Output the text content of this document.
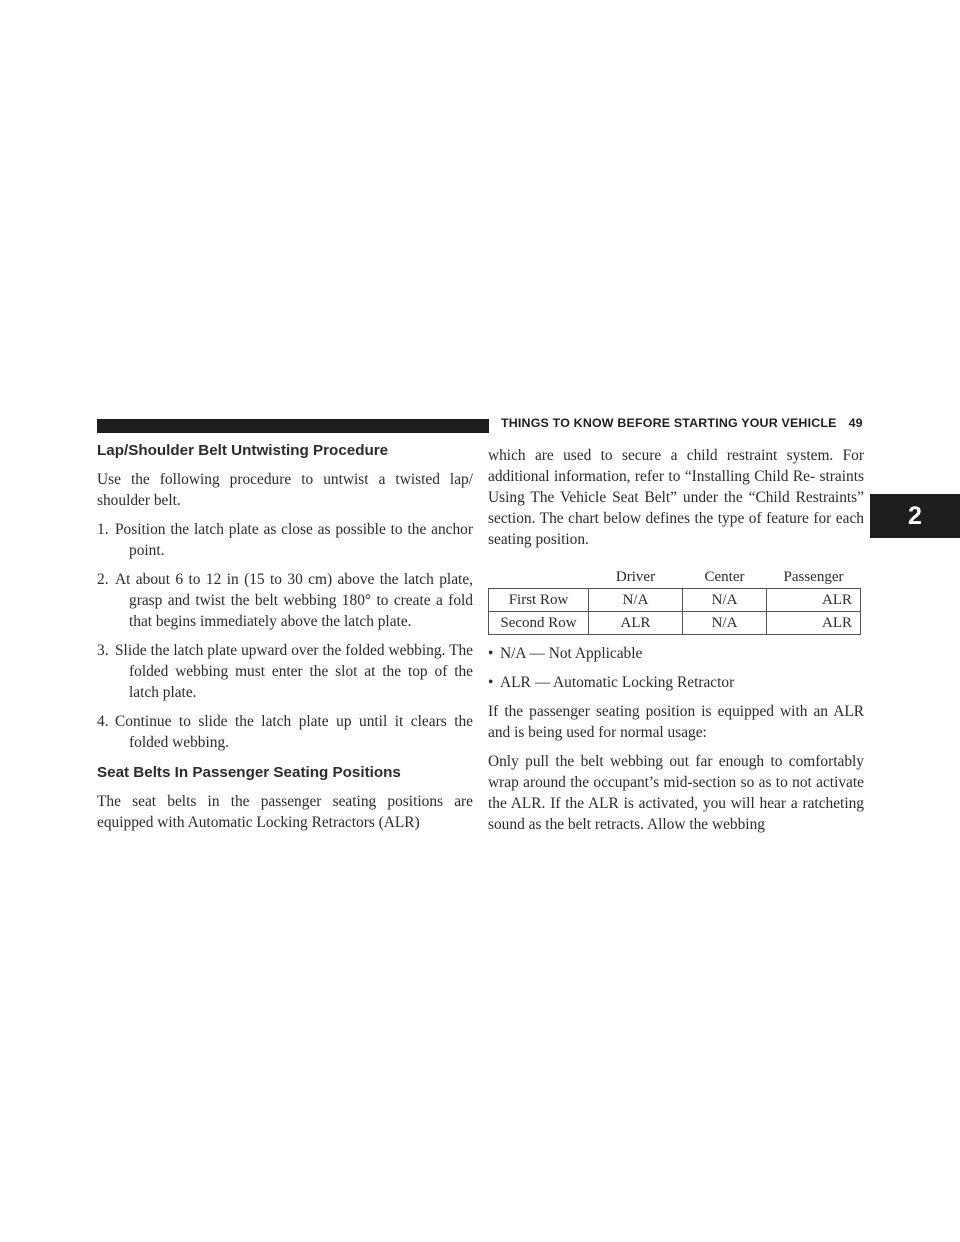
THINGS TO KNOW BEFORE STARTING YOUR VEHICLE 49
2
Lap/Shoulder Belt Untwisting Procedure

Use the following procedure to untwist a twisted lap/ shoulder belt.

1. Position the latch plate as close as possible to the anchor point.
2. At about 6 to 12 in (15 to 30 cm) above the latch plate, grasp and twist the belt webbing 180° to create a fold that begins immediately above the latch plate.
3. Slide the latch plate upward over the folded webbing. The folded webbing must enter the slot at the top of the latch plate.
4. Continue to slide the latch plate up until it clears the folded webbing.
Seat Belts In Passenger Seating Positions

The seat belts in the passenger seating positions are equipped with Automatic Locking Retractors (ALR)

which are used to secure a child restraint system. For additional information, refer to “Installing Child Re- straints Using The Vehicle Seat Belt” under the “Child Restraints” section. The chart below defines the type of feature for each seating position.

	Driver	Center	Passenger
First Row	N/A	N/A	ALR
Second Row	ALR	N/A	ALR
• N/A — Not Applicable
• ALR — Automatic Locking Retractor

If the passenger seating position is equipped with an ALR and is being used for normal usage:

Only pull the belt webbing out far enough to comfortably wrap around the occupant’s mid-section so as to not activate the ALR. If the ALR is activated, you will hear a ratcheting sound as the belt retracts. Allow the webbing
